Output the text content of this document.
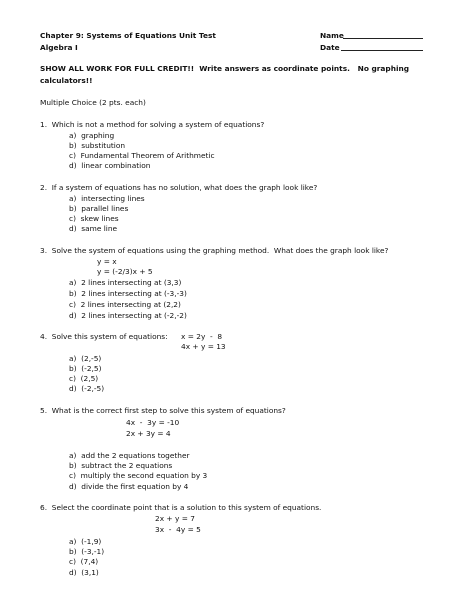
Chapter 9: Systems of Equations Unit Test
Algebra I
Name
Date
SHOW ALL WORK FOR FULL CREDIT!!  Write answers as coordinate points.   No graphing
calculators!!
Multiple Choice (2 pts. each)
1.  Which is not a method for solving a system of equations?
a)  graphing
b)  substitution
c)  Fundamental Theorem of Arithmetic
d)  linear combination
2.  If a system of equations has no solution, what does the graph look like?
a)  intersecting lines
b)  parallel lines
c)  skew lines
d)  same line
3.  Solve the system of equations using the graphing method.  What does the graph look like?
y = x
y = (-2/3)x + 5
a)  2 lines intersecting at (3,3)
b)  2 lines intersecting at (-3,-3)
c)  2 lines intersecting at (2,2)
d)  2 lines intersecting at (-2,-2)
4.  Solve this system of equations: x = 2y  -  8
4x + y = 13
a)  (2,-5)
b)  (-2,5)
c)  (2,5)
d)  (-2,-5)
5.  What is the correct first step to solve this system of equations?
4x  -  3y = -10
2x + 3y = 4
a)  add the 2 equations together
b)  subtract the 2 equations
c)  multiply the second equation by 3
d)  divide the first equation by 4
6.  Select the coordinate point that is a solution to this system of equations.
2x + y = 7
3x  -  4y = 5
a)  (-1,9)
b)  (-3,-1)
c)  (7,4)
d)  (3,1)
